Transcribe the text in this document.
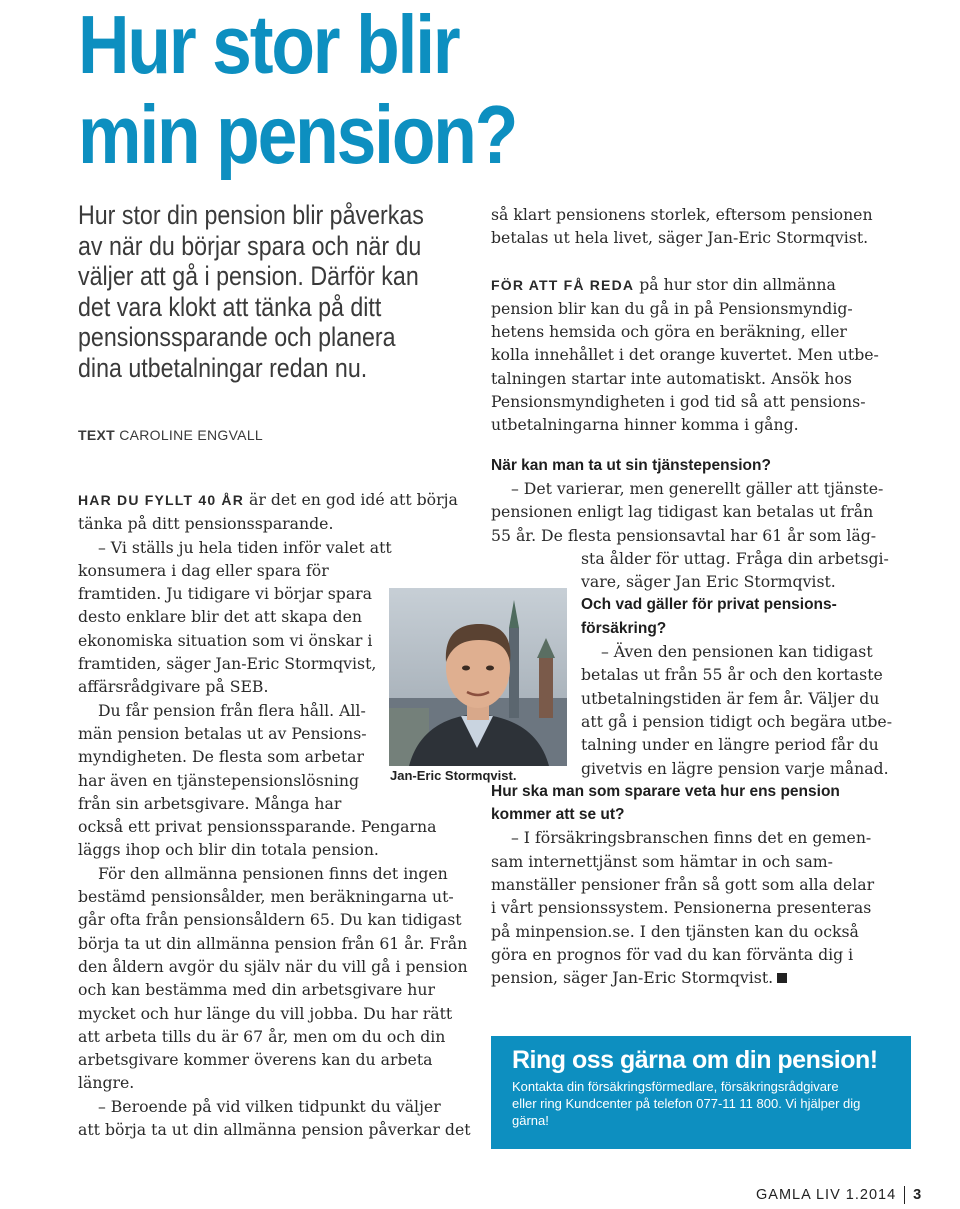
Hur stor blir
min pension?
Hur stor din pension blir påverkas
av när du börjar spara och när du
väljer att gå i pension. Därför kan
det vara klokt att tänka på ditt
pensionssparande och planera
dina utbetalningar redan nu.
TEXT CAROLINE ENGVALL
HAR DU FYLLT 40 ÅR är det en god idé att börja
tänka på ditt pensionssparande.
– Vi ställs ju hela tiden inför valet att
konsumera i dag eller spara för
framtiden. Ju tidigare vi börjar spara
desto enklare blir det att skapa den
ekonomiska situation som vi önskar i
framtiden, säger Jan-Eric Stormqvist,
affärsrådgivare på SEB.
Du får pension från flera håll. All-
män pension betalas ut av Pensions-
myndigheten. De flesta som arbetar
har även en tjänstepensionslösning
från sin arbetsgivare. Många har
också ett privat pensionssparande. Pengarna
läggs ihop och blir din totala pension.
För den allmänna pensionen finns det ingen
bestämd pensionsålder, men beräkningarna ut-
går ofta från pensionsåldern 65. Du kan tidigast
börja ta ut din allmänna pension från 61 år. Från
den åldern avgör du själv när du vill gå i pension
och kan bestämma med din arbetsgivare hur
mycket och hur länge du vill jobba. Du har rätt
att arbeta tills du är 67 år, men om du och din
arbetsgivare kommer överens kan du arbeta
längre.
– Beroende på vid vilken tidpunkt du väljer
att börja ta ut din allmänna pension påverkar det
Jan-Eric Stormqvist.
så klart pensionens storlek, eftersom pensionen
betalas ut hela livet, säger Jan-Eric Stormqvist.
FÖR ATT FÅ REDA på hur stor din allmänna
pension blir kan du gå in på Pensionsmyndig-
hetens hemsida och göra en beräkning, eller
kolla innehållet i det orange kuvertet. Men utbe-
talningen startar inte automatiskt. Ansök hos
Pensionsmyndigheten i god tid så att pensions-
utbetalningarna hinner komma i gång.
När kan man ta ut sin tjänstepension?
– Det varierar, men generellt gäller att tjänste-
pensionen enligt lag tidigast kan betalas ut från
55 år. De flesta pensionsavtal har 61 år som läg-
sta ålder för uttag. Fråga din arbetsgi-
vare, säger Jan Eric Stormqvist.
Och vad gäller för privat pensions-
försäkring?
– Även den pensionen kan tidigast
betalas ut från 55 år och den kortaste
utbetalningstiden är fem år. Väljer du
att gå i pension tidigt och begära utbe-
talning under en längre period får du
givetvis en lägre pension varje månad.
Hur ska man som sparare veta hur ens pension
kommer att se ut?
– I försäkringsbranschen finns det en gemen-
sam internettjänst som hämtar in och sam-
manställer pensioner från så gott som alla delar
i vårt pensionssystem. Pensionerna presenteras
på minpension.se. I den tjänsten kan du också
göra en prognos för vad du kan förvänta dig i
pension, säger Jan-Eric Stormqvist.
Ring oss gärna om din pension!
Kontakta din försäkringsförmedlare, försäkringsrådgivare
eller ring Kundcenter på telefon 077-11 11 800. Vi hjälper dig
gärna!
GAMLA LIV 1.2014 3
